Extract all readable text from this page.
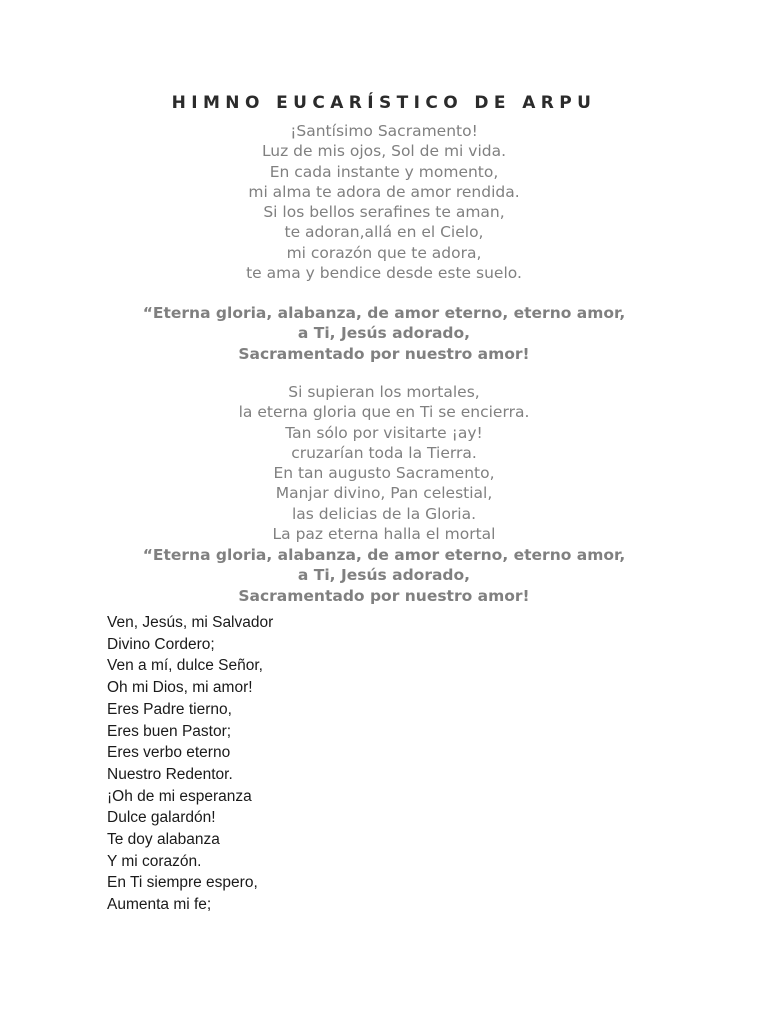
HIMNO EUCARÍSTICO DE ARPU
¡Santísimo Sacramento!
Luz de mis ojos, Sol de mi vida.
En cada instante y momento,
mi alma te adora de amor rendida.
Si los bellos serafines te aman,
te adoran,allá en el Cielo,
mi corazón que te adora,
te ama y bendice desde este suelo.
“Eterna gloria, alabanza, de amor eterno, eterno amor,
a Ti, Jesús adorado,
Sacramentado por nuestro amor!
Si supieran los mortales,
la eterna gloria que en Ti se encierra.
Tan sólo por visitarte ¡ay!
cruzarían toda la Tierra.
En tan augusto Sacramento,
Manjar divino, Pan celestial,
las delicias de la Gloria.
La paz eterna halla el mortal
“Eterna gloria, alabanza, de amor eterno, eterno amor,
a Ti, Jesús adorado,
Sacramentado por nuestro amor!
Ven, Jesús, mi Salvador
Divino Cordero;
Ven a mí, dulce Señor,
Oh mi Dios, mi amor!
Eres Padre tierno,
Eres buen Pastor;
Eres verbo eterno
Nuestro Redentor.
¡Oh de mi esperanza
Dulce galardón!
Te doy alabanza
Y mi corazón.
En Ti siempre espero,
Aumenta mi fe;
